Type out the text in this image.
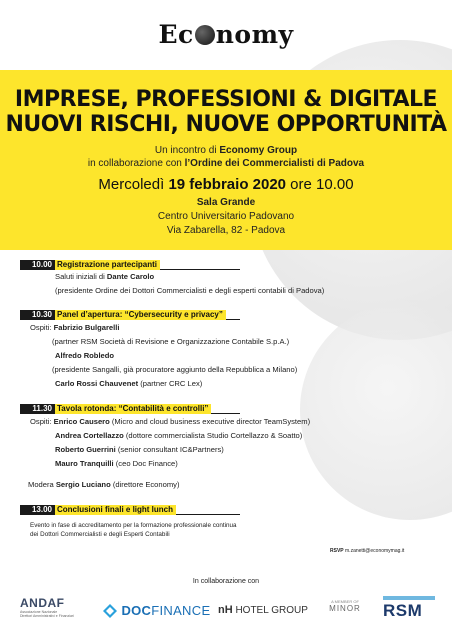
Ec nomy
IMPRESE, PROFESSIONI & DIGITALE
NUOVI RISCHI, NUOVE OPPORTUNITÀ
Un incontro di Economy Group
in collaborazione con l’Ordine dei Commercialisti di Padova
Mercoledì 19 febbraio 2020 ore 10.00
Sala Grande
Centro Universitario Padovano
Via Zabarella, 82 - Padova
10.00 Registrazione partecipanti
Saluti iniziali di Dante Carolo
(presidente Ordine dei Dottori Commercialisti e degli esperti contabili di Padova)
10.30 Panel d’apertura: “Cybersecurity e privacy”
Ospiti: Fabrizio Bulgarelli
(partner RSM Società di Revisione e Organizzazione Contabile S.p.A.)
Alfredo Robledo
(presidente Sangalli, già procuratore aggiunto della Repubblica a Milano)
Carlo Rossi Chauvenet (partner CRC Lex)
11.30 Tavola rotonda: “Contabilità e controlli”
Ospiti: Enrico Causero (Micro and cloud business executive director TeamSystem)
Andrea Cortellazzo (dottore commercialista Studio Cortellazzo & Soatto)
Roberto Guerrini (senior consultant IC&Partners)
Mauro Tranquilli (ceo Doc Finance)
Modera Sergio Luciano (direttore Economy)
13.00 Conclusioni finali e light lunch
Evento in fase di accreditamento per la formazione professionale continua
dei Dottori Commercialisti e degli Esperti Contabili
RSVP m.zanetti@economymag.it
In collaborazione con
ANDAF
Associazione Nazionale
Direttori Amministrativi e Finanziari	DOCFINANCE nH HOTEL GROUP
A MEMBER OF
MINOR RSM
